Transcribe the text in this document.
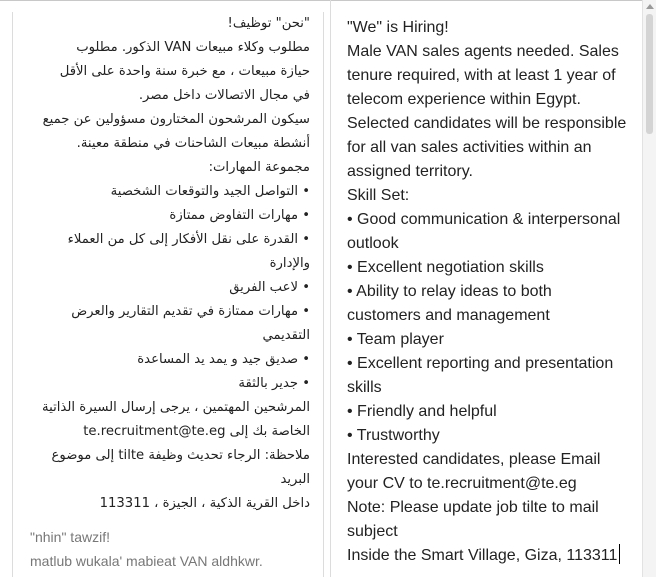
"نحن" توظيف!
مطلوب وكلاء مبيعات VAN الذكور. مطلوب
حيازة مبيعات ، مع خبرة سنة واحدة على الأقل
في مجال الاتصالات داخل مصر.
سيكون المرشحون المختارون مسؤولين عن جميع
أنشطة مبيعات الشاحنات في منطقة معينة.
مجموعة المهارات:
• التواصل الجيد والتوقعات الشخصية
• مهارات التفاوض ممتازة
• القدرة على نقل الأفكار إلى كل من العملاء
والإدارة
• لاعب الفريق
• مهارات ممتازة في تقديم التقارير والعرض
التقديمي
• صديق جيد و يمد يد المساعدة
• جدير بالثقة
المرشحين المهتمين ، يرجى إرسال السيرة الذاتية
الخاصة بك إلى te.recruitment@te.eg
ملاحظة: الرجاء تحديث وظيفة tilte إلى موضوع
البريد
داخل القرية الذكية ، الجيزة ، 113311
"nhin" tawzif!
matlub wukala' mabieat VAN aldhkwr.
"We" is Hiring!
Male VAN sales agents needed. Sales
tenure required, with at least 1 year of
telecom experience within Egypt.
Selected candidates will be responsible
for all van sales activities within an
assigned territory.
Skill Set:
• Good communication & interpersonal
outlook
• Excellent negotiation skills
• Ability to relay ideas to both
customers and management
• Team player
• Excellent reporting and presentation
skills
• Friendly and helpful
• Trustworthy
Interested candidates, please Email
your CV to te.recruitment@te.eg
Note: Please update job tilte to mail
subject
Inside the Smart Village, Giza, 113311
